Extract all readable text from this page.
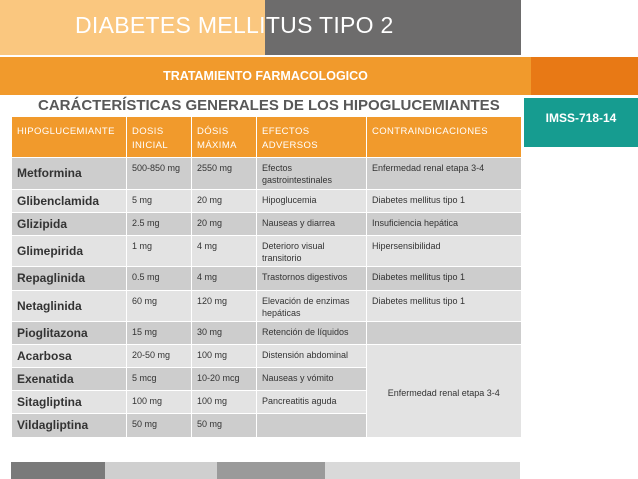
DIABETES MELLITUS TIPO 2
TRATAMIENTO FARMACOLOGICO
IMSS-718-14
CARÁCTERÍSTICAS GENERALES DE LOS HIPOGLUCEMIANTES
HIPOGLUCEMIANTE	DOSIS INICIAL	DÓSIS MÁXIMA	EFECTOS ADVERSOS	CONTRAINDICACIONES
Metformina	500-850 mg	2550 mg	Efectos gastrointestinales	Enfermedad renal etapa 3-4
Glibenclamida	5 mg	20 mg	Hipoglucemia	Diabetes mellitus tipo 1
Glizipida	2.5 mg	20 mg	Nauseas y diarrea	Insuficiencia hepática
Glimepirida	1 mg	4 mg	Deterioro visual transitorio	Hipersensibilidad
Repaglinida	0.5 mg	4 mg	Trastornos digestivos	Diabetes mellitus tipo 1
Netaglinida	60 mg	120 mg	Elevación de enzimas hepáticas	Diabetes mellitus tipo 1
Pioglitazona	15 mg	30 mg	Retención de líquidos	
Acarbosa	20-50 mg	100 mg	Distensión abdominal	Enfermedad renal etapa 3-4
Exenatida	5 mcg	10-20 mcg	Nauseas y vómito	
Sitagliptina	100 mg	100 mg	Pancreatitis aguda	
Vildagliptina	50 mg	50 mg		
